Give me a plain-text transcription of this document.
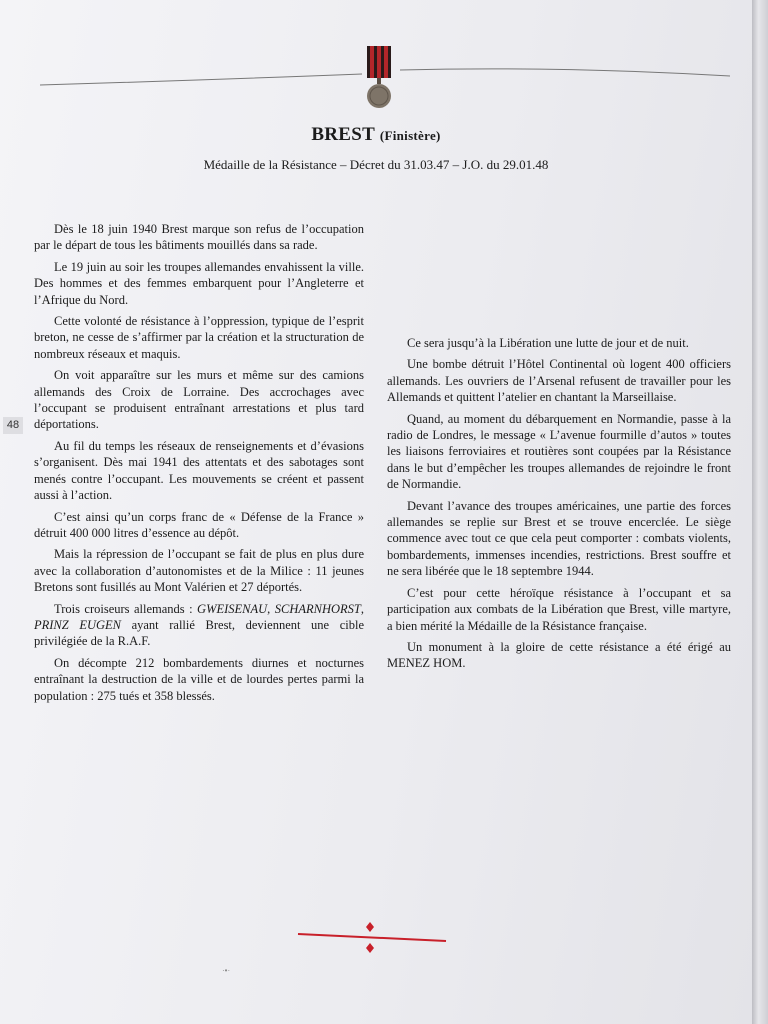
BREST (Finistère)
Médaille de la Résistance – Décret du 31.03.47 – J.O. du 29.01.48

Dès le 18 juin 1940 Brest marque son refus de l’occupation par le départ de tous les bâtiments mouillés dans sa rade.

Le 19 juin au soir les troupes allemandes envahissent la ville. Des hommes et des femmes embarquent pour l’Angleterre et l’Afrique du Nord.

Cette volonté de résistance à l’oppression, typique de l’esprit breton, ne cesse de s’affirmer par la création et la structuration de nombreux réseaux et maquis.

On voit apparaître sur les murs et même sur des camions allemands des Croix de Lorraine. Des accrochages avec l’occupant se produisent entraînant arrestations et plus tard déportations.

Au fil du temps les réseaux de renseignements et d’évasions s’organisent. Dès mai 1941 des attentats et des sabotages sont menés contre l’occupant. Les mouvements se créent et passent aussi à l’action.

C’est ainsi qu’un corps franc de « Défense de la France » détruit 400 000 litres d’essence au dépôt.

Mais la répression de l’occupant se fait de plus en plus dure avec la collaboration d’autonomistes et de la Milice : 11 jeunes Bretons sont fusillés au Mont Valérien et 27 déportés.

Trois croiseurs allemands : GWEISENAU, SCHARNHORST, PRINZ EUGEN ayant rallié Brest, deviennent une cible privilégiée de la R.A.F.

On décompte 212 bombardements diurnes et nocturnes entraînant la destruction de la ville et de lourdes pertes parmi la population : 275 tués et 358 blessés.

48

Ce sera jusqu’à la Libération une lutte de jour et de nuit.

Une bombe détruit l’Hôtel Continental où logent 400 officiers allemands. Les ouvriers de l’Arsenal refusent de travailler pour les Allemands et quittent l’atelier en chantant la Marseillaise.

Quand, au moment du débarquement en Normandie, passe à la radio de Londres, le message « L’avenue fourmille d’autos » toutes les liaisons ferroviaires et routières sont coupées par la Résistance dans le but d’empêcher les troupes allemandes de rejoindre le front de Normandie.

Devant l’avance des troupes américaines, une partie des forces allemandes se replie sur Brest et se trouve encerclée. Le siège commence avec tout ce que cela peut comporter : combats violents, bombardements, immenses incendies, restrictions. Brest souffre et ne sera libérée que le 18 septembre 1944.

C’est pour cette héroïque résistance à l’occupant et sa participation aux combats de la Libération que Brest, ville martyre, a bien mérité la Médaille de la Résistance française.

Un monument à la gloire de cette résistance a été érigé au MENEZ HOM.

·•·
